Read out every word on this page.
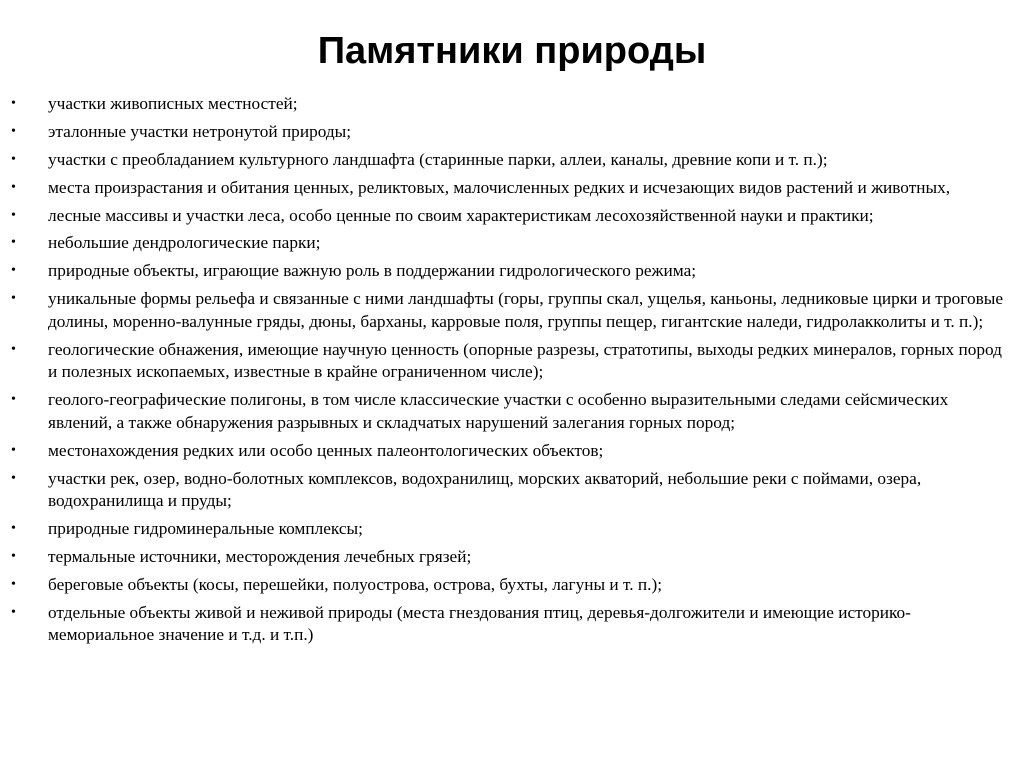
Памятники природы
• участки живописных местностей;
• эталонные участки нетронутой природы;
• участки с преобладанием культурного ландшафта (старинные парки, аллеи, каналы, древние копи и т. п.);
• места произрастания и обитания ценных, реликтовых, малочисленных редких и исчезающих видов растений и животных,
• лесные массивы и участки леса, особо ценные по своим характеристикам лесохозяйственной науки и практики;
• небольшие дендрологические парки;
• природные объекты, играющие важную роль в поддержании гидрологического режима;
• уникальные формы рельефа и связанные с ними ландшафты (горы, группы скал, ущелья, каньоны, ледниковые цирки и троговые долины, моренно-валунные гряды, дюны, барханы, карровые поля, группы пещер, гигантские наледи, гидролакколиты и т. п.);
• геологические обнажения, имеющие научную ценность (опорные разрезы, стратотипы, выходы редких минералов, горных пород и полезных ископаемых, известные в крайне ограниченном числе);
• геолого-географические полигоны, в том числе классические участки с особенно выразительными следами сейсмических явлений, а также обнаружения разрывных и складчатых нарушений залегания горных пород;
• местонахождения редких или особо ценных палеонтологических объектов;
• участки рек, озер, водно-болотных комплексов, водохранилищ, морских акваторий, небольшие реки с поймами, озера, водохранилища и пруды;
• природные гидроминеральные комплексы;
• термальные источники, месторождения лечебных грязей;
• береговые объекты (косы, перешейки, полуострова, острова, бухты, лагуны и т. п.);
• отдельные объекты живой и неживой природы (места гнездования птиц, деревья-долгожители и имеющие историко-мемориальное значение и т.д. и т.п.)
